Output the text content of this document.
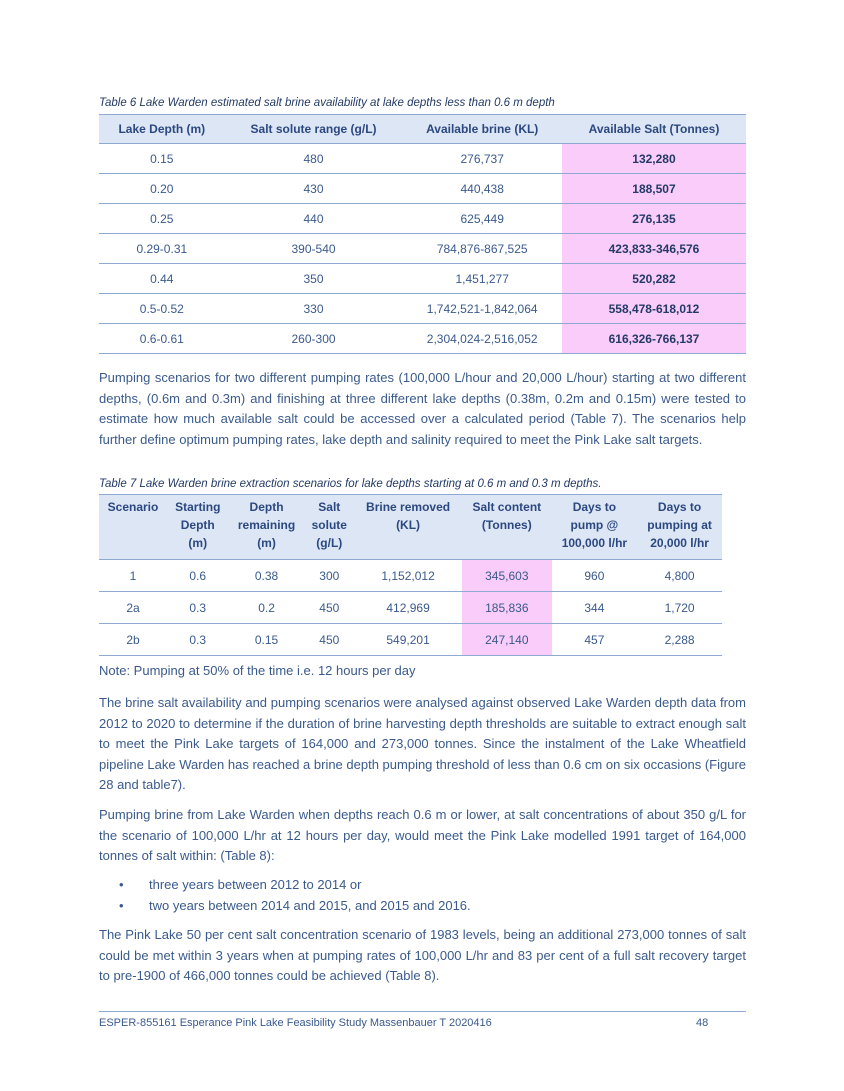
Table 6 Lake Warden estimated salt brine availability at lake depths less than 0.6 m depth
Lake Depth (m)	Salt solute range (g/L)	Available brine (KL)	Available Salt (Tonnes)
0.15	480	276,737	132,280
0.20	430	440,438	188,507
0.25	440	625,449	276,135
0.29-0.31	390-540	784,876-867,525	423,833-346,576
0.44	350	1,451,277	520,282
0.5-0.52	330	1,742,521-1,842,064	558,478-618,012
0.6-0.61	260-300	2,304,024-2,516,052	616,326-766,137

Pumping scenarios for two different pumping rates (100,000 L/hour and 20,000 L/hour) starting at two different depths, (0.6m and 0.3m) and finishing at three different lake depths (0.38m, 0.2m and 0.15m) were tested to estimate how much available salt could be accessed over a calculated period (Table 7). The scenarios help further define optimum pumping rates, lake depth and salinity required to meet the Pink Lake salt targets.

Table 7 Lake Warden brine extraction scenarios for lake depths starting at 0.6 m and 0.3 m depths.
Scenario	Starting
Depth
(m)	Depth
remaining
(m)	Salt
solute
(g/L)	Brine removed
(KL)	Salt content
(Tonnes)	Days to
pump @
100,000 l/hr	Days to
pumping at
20,000 l/hr
1	0.6	0.38	300	1,152,012	345,603	960	4,800
2a	0.3	0.2	450	412,969	185,836	344	1,720
2b	0.3	0.15	450	549,201	247,140	457	2,288

Note: Pumping at 50% of the time i.e. 12 hours per day

The brine salt availability and pumping scenarios were analysed against observed Lake Warden depth data from 2012 to 2020 to determine if the duration of brine harvesting depth thresholds are suitable to extract enough salt to meet the Pink Lake targets of 164,000 and 273,000 tonnes. Since the instalment of the Lake Wheatfield pipeline Lake Warden has reached a brine depth pumping threshold of less than 0.6 cm on six occasions (Figure 28 and table7).

Pumping brine from Lake Warden when depths reach 0.6 m or lower, at salt concentrations of about 350 g/L for the scenario of 100,000 L/hr at 12 hours per day, would meet the Pink Lake modelled 1991 target of 164,000 tonnes of salt within: (Table 8):

• three years between 2012 to 2014 or
• two years between 2014 and 2015, and 2015 and 2016.

The Pink Lake 50 per cent salt concentration scenario of 1983 levels, being an additional 273,000 tonnes of salt could be met within 3 years when at pumping rates of 100,000 L/hr and 83 per cent of a full salt recovery target to pre-1900 of 466,000 tonnes could be achieved (Table 8).

ESPER-855161 Esperance Pink Lake Feasibility Study Massenbauer T 2020416	48
